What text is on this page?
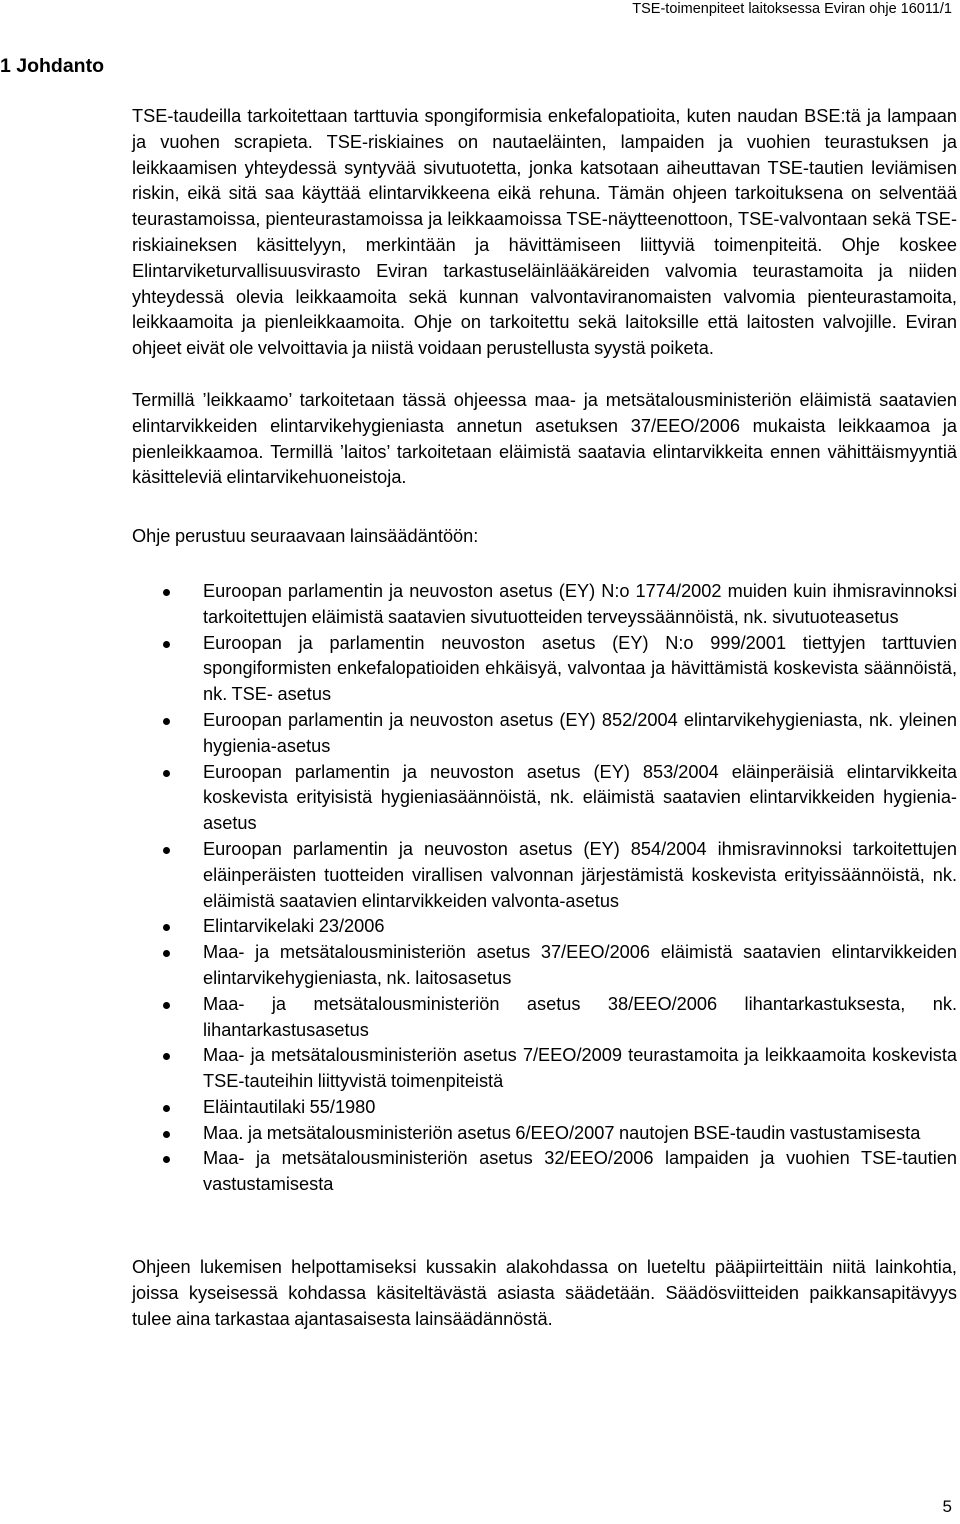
TSE-toimenpiteet laitoksessa Eviran ohje 16011/1
1 Johdanto

TSE-taudeilla tarkoitettaan tarttuvia spongiformisia enkefalopatioita, kuten naudan BSE:tä ja lampaan ja vuohen scrapieta. TSE-riskiaines on nautaeläinten, lampaiden ja vuohien teurastuksen ja leikkaamisen yhteydessä syntyvää sivutuotetta, jonka katsotaan aiheuttavan TSE-tautien leviämisen riskin, eikä sitä saa käyttää elintarvikkeena eikä rehuna. Tämän ohjeen tarkoituksena on selventää teurastamoissa, pienteurastamoissa ja leikkaamoissa TSE-näytteenottoon, TSE-valvontaan sekä TSE-riskiaineksen käsittelyyn, merkintään ja hävittämiseen liittyviä toimenpiteitä. Ohje koskee Elintarviketurvallisuusvirasto Eviran tarkastuseläinlääkäreiden valvomia teurastamoita ja niiden yhteydessä olevia leikkaamoita sekä kunnan valvontaviranomaisten valvomia pienteurastamoita, leikkaamoita ja pienleikkaamoita. Ohje on tarkoitettu sekä laitoksille että laitosten valvojille. Eviran ohjeet eivät ole velvoittavia ja niistä voidaan perustellusta syystä poiketa.

Termillä ’leikkaamo’ tarkoitetaan tässä ohjeessa maa- ja metsätalousministeriön eläimistä saatavien elintarvikkeiden elintarvikehygieniasta annetun asetuksen 37/EEO/2006 mukaista leikkaamoa ja pienleikkaamoa. Termillä ’laitos’ tarkoitetaan eläimistä saatavia elintarvikkeita ennen vähittäismyyntiä käsitteleviä elintarvikehuoneistoja.

Ohje perustuu seuraavaan lainsäädäntöön:

Euroopan parlamentin ja neuvoston asetus (EY) N:o 1774/2002 muiden kuin ihmisravinnoksi tarkoitettujen eläimistä saatavien sivutuotteiden terveyssäännöistä, nk. sivutuoteasetus
Euroopan ja parlamentin neuvoston asetus (EY) N:o 999/2001 tiettyjen tarttuvien spongiformisten enkefalopatioiden ehkäisyä, valvontaa ja hävittämistä koskevista säännöistä, nk. TSE- asetus
Euroopan parlamentin ja neuvoston asetus (EY) 852/2004 elintarvikehygieniasta, nk. yleinen hygienia-asetus
Euroopan parlamentin ja neuvoston asetus (EY) 853/2004 eläinperäisiä elintarvikkeita koskevista erityisistä hygieniasäännöistä, nk. eläimistä saatavien elintarvikkeiden hygienia-asetus
Euroopan parlamentin ja neuvoston asetus (EY) 854/2004 ihmisravinnoksi tarkoitettujen eläinperäisten tuotteiden virallisen valvonnan järjestämistä koskevista erityissäännöistä, nk. eläimistä saatavien elintarvikkeiden valvonta-asetus
Elintarvikelaki 23/2006
Maa- ja metsätalousministeriön asetus 37/EEO/2006 eläimistä saatavien elintarvikkeiden elintarvikehygieniasta, nk. laitosasetus
Maa- ja metsätalousministeriön asetus 38/EEO/2006 lihantarkastuksesta, nk. lihantarkastusasetus
Maa- ja metsätalousministeriön asetus 7/EEO/2009 teurastamoita ja leikkaamoita koskevista TSE-tauteihin liittyvistä toimenpiteistä
Eläintautilaki 55/1980
Maa. ja metsätalousministeriön asetus 6/EEO/2007 nautojen BSE-taudin vastustamisesta
Maa- ja metsätalousministeriön asetus 32/EEO/2006 lampaiden ja vuohien TSE-tautien vastustamisesta

Ohjeen lukemisen helpottamiseksi kussakin alakohdassa on lueteltu pääpiirteittäin niitä lainkohtia, joissa kyseisessä kohdassa käsiteltävästä asiasta säädetään. Säädösviitteiden paikkansapitävyys tulee aina tarkastaa ajantasaisesta lainsäädännöstä.

5
